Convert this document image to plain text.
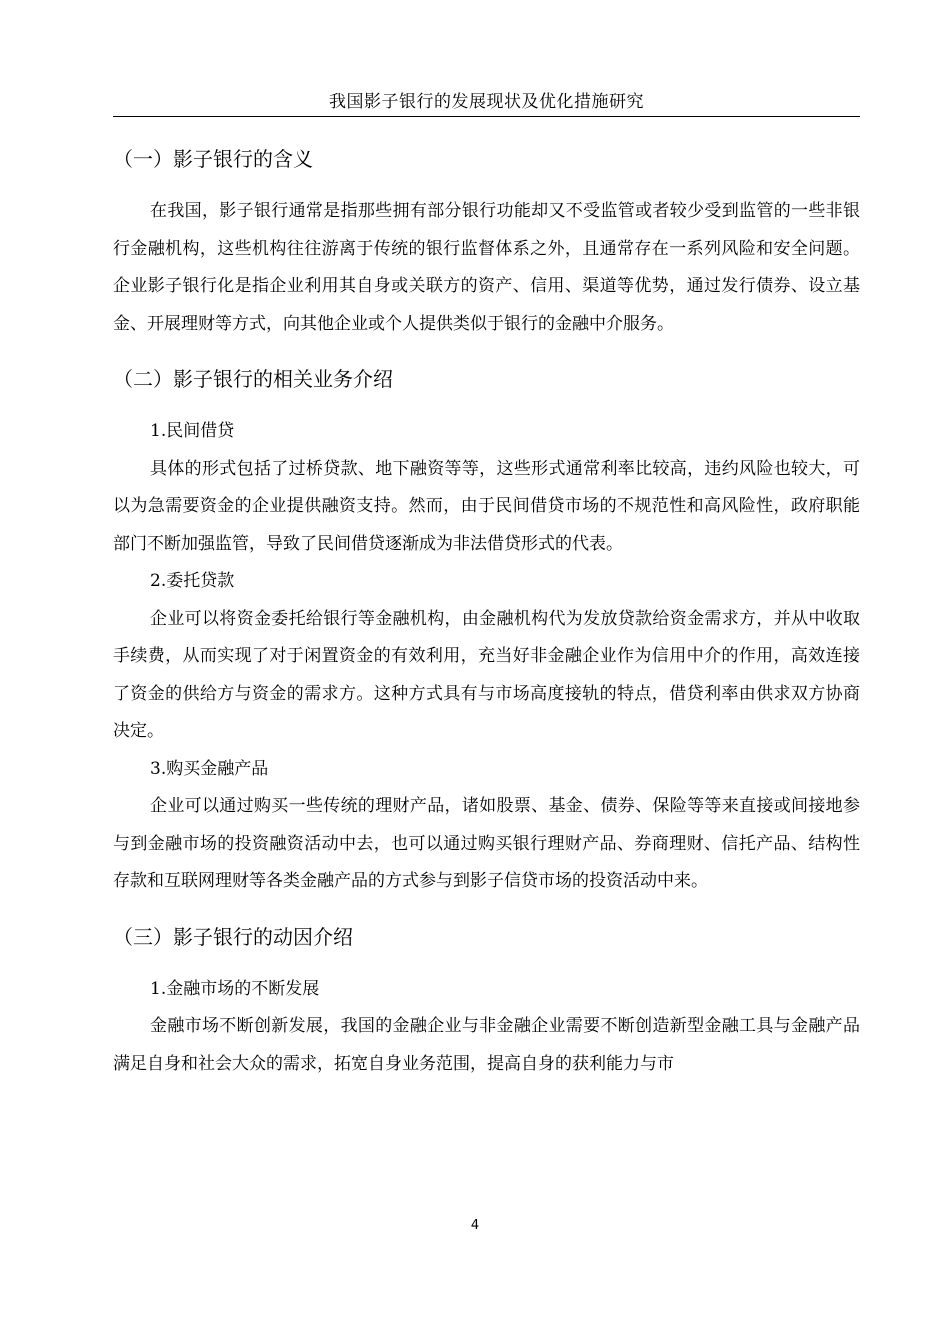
我国影子银行的发展现状及优化措施研究
（一）影子银行的含义

在我国，影子银行通常是指那些拥有部分银行功能却又不受监管或者较少受到监管的一些非银行金融机构，这些机构往往游离于传统的银行监督体系之外，且通常存在一系列风险和安全问题。企业影子银行化是指企业利用其自身或关联方的资产、信用、渠道等优势，通过发行债券、设立基金、开展理财等方式，向其他企业或个人提供类似于银行的金融中介服务。

（二）影子银行的相关业务介绍

1.民间借贷

具体的形式包括了过桥贷款、地下融资等等，这些形式通常利率比较高，违约风险也较大，可以为急需要资金的企业提供融资支持。然而，由于民间借贷市场的不规范性和高风险性，政府职能部门不断加强监管，导致了民间借贷逐渐成为非法借贷形式的代表。

2.委托贷款

企业可以将资金委托给银行等金融机构，由金融机构代为发放贷款给资金需求方，并从中收取手续费，从而实现了对于闲置资金的有效利用，充当好非金融企业作为信用中介的作用，高效连接了资金的供给方与资金的需求方。这种方式具有与市场高度接轨的特点，借贷利率由供求双方协商决定。

3.购买金融产品

企业可以通过购买一些传统的理财产品，诸如股票、基金、债券、保险等等来直接或间接地参与到金融市场的投资融资活动中去，也可以通过购买银行理财产品、券商理财、信托产品、结构性存款和互联网理财等各类金融产品的方式参与到影子信贷市场的投资活动中来。

（三）影子银行的动因介绍

1.金融市场的不断发展

金融市场不断创新发展，我国的金融企业与非金融企业需要不断创造新型金融工具与金融产品满足自身和社会大众的需求，拓宽自身业务范围，提高自身的获利能力与市

4
